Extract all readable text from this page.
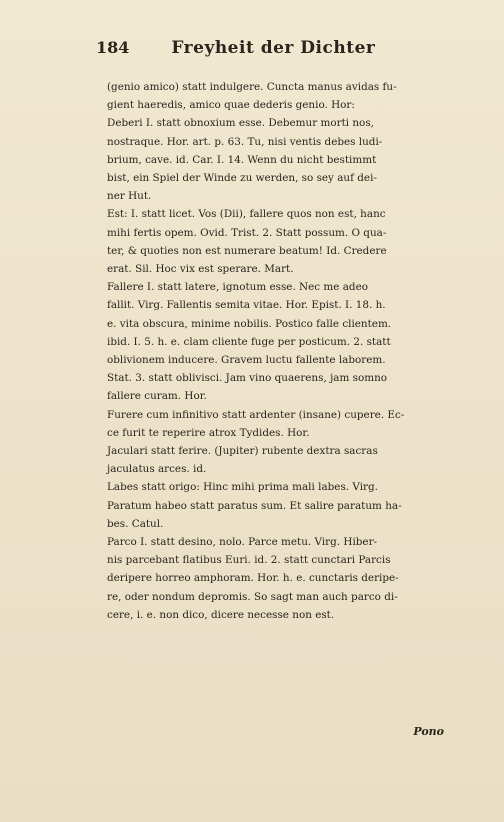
184 Freyheit der Dichter
(genio amico) statt indulgere. Cuncta manus avidas fu-
gient haeredis, amico quae dederis genio. Hor:
Deberi I. statt obnoxium esse. Debemur morti nos,
nostraque. Hor. art. p. 63. Tu, nisi ventis debes ludi-
brium, cave. id. Car. I. 14. Wenn du nicht bestimmt
bist, ein Spiel der Winde zu werden, so sey auf dei-
ner Hut.
Est: I. statt licet. Vos (Dii), fallere quos non est, hanc
mihi fertis opem. Ovid. Trist. 2. Statt possum. O qua-
ter, & quoties non est numerare beatum! Id. Credere
erat. Sil. Hoc vix est sperare. Mart.
Fallere I. statt latere, ignotum esse. Nec me adeo
fallit. Virg. Fallentis semita vitae. Hor. Epist. I. 18. h.
e. vita obscura, minime nobilis. Postico falle clientem.
ibid. I. 5. h. e. clam cliente fuge per posticum. 2. statt
oblivionem inducere. Gravem luctu fallente laborem.
Stat. 3. statt oblivisci. Jam vino quaerens, jam somno
fallere curam. Hor.
Furere cum infinitivo statt ardenter (insane) cupere. Ec-
ce furit te reperire atrox Tydides. Hor.
Jaculari statt ferire. (Jupiter) rubente dextra sacras
jaculatus arces. id.
Labes statt origo: Hinc mihi prima mali labes. Virg.
Paratum habeo statt paratus sum. Et salire paratum ha-
bes. Catul.
Parco I. statt desino, nolo. Parce metu. Virg. Hiber-
nis parcebant flatibus Euri. id. 2. statt cunctari Parcis
deripere horreo amphoram. Hor. h. e. cunctaris deripe-
re, oder nondum depromis. So sagt man auch parco di-
cere, i. e. non dico, dicere necesse non est.
Pono
